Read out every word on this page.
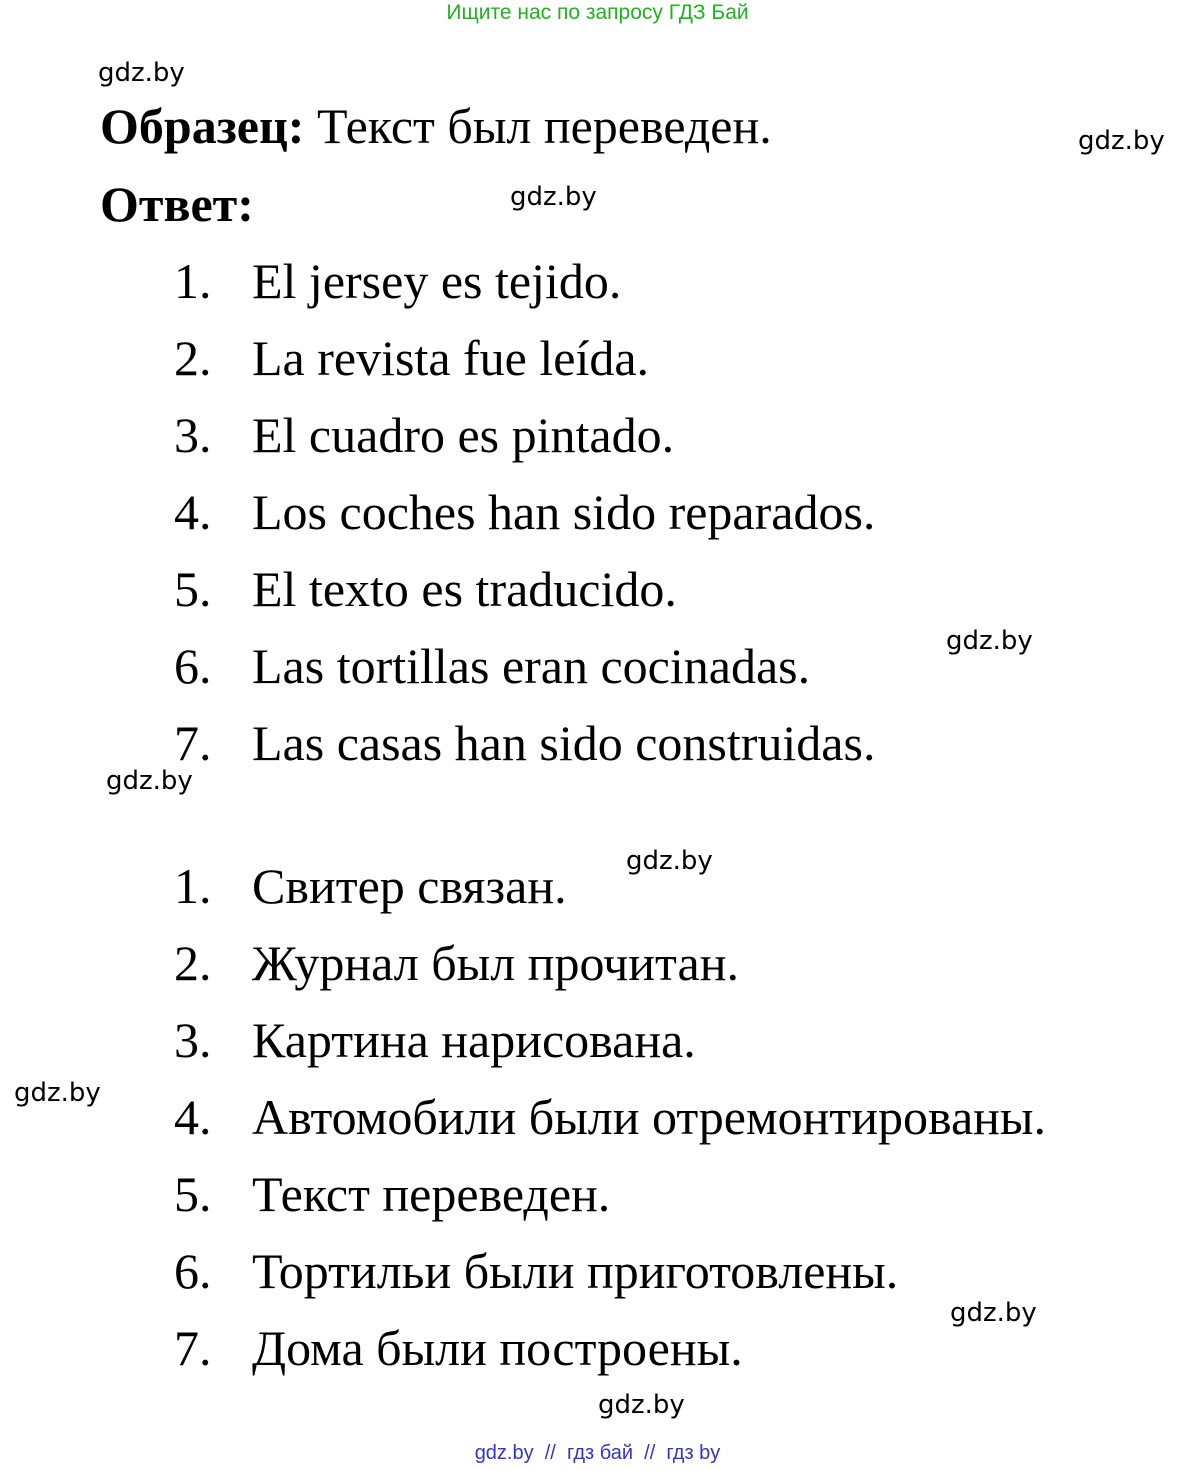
Ищите нас по запросу ГДЗ Бай
gdz.by
gdz.by
gdz.by
gdz.by
gdz.by
gdz.by
gdz.by
gdz.by
gdz.by
Образец: Текст был переведен.
Ответ:
1. El jersey es tejido.
2. La revista fue leída.
3. El cuadro es pintado.
4. Los coches han sido reparados.
5. El texto es traducido.
6. Las tortillas eran cocinadas.
7. Las casas han sido construidas.
1. Свитер связан.
2. Журнал был прочитан.
3. Картина нарисована.
4. Автомобили были отремонтированы.
5. Текст переведен.
6. Тортильи были приготовлены.
7. Дома были построены.
gdz.by  //  гдз бай  //  гдз by
